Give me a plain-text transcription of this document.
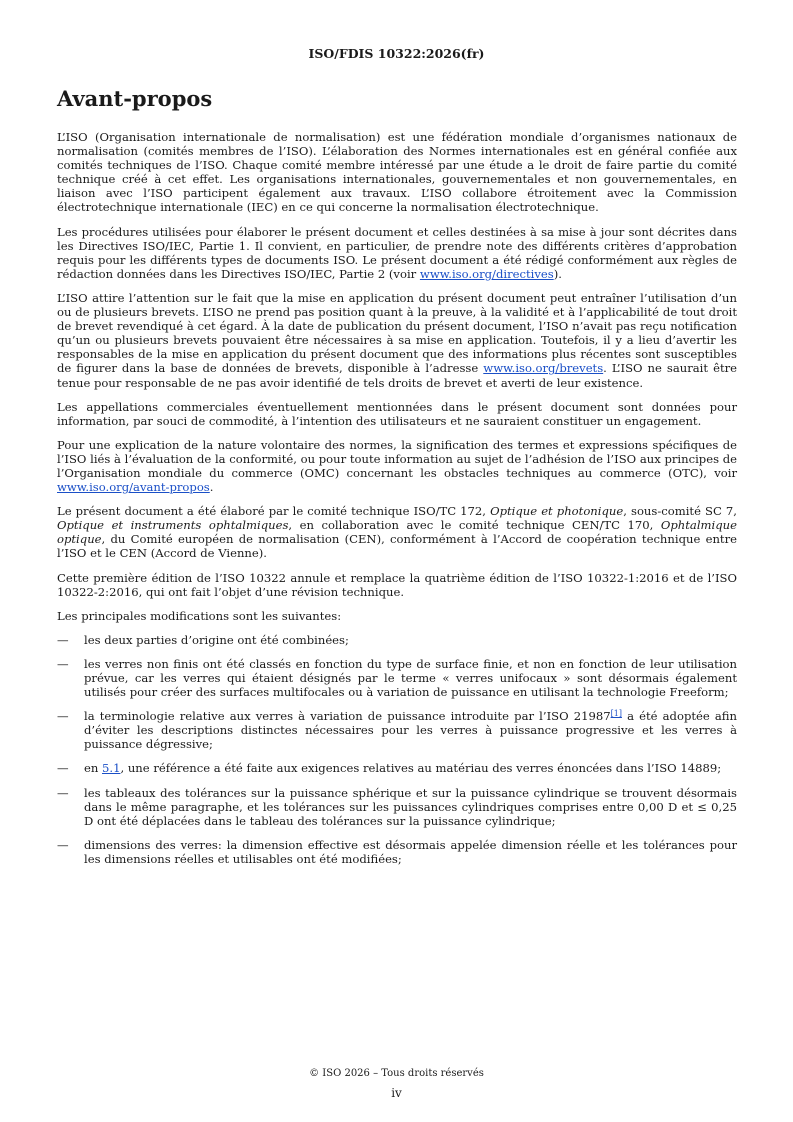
ISO/FDIS 10322:2026(fr)
Avant-propos

L’ISO (Organisation internationale de normalisation) est une fédération mondiale d’organismes nationaux de normalisation (comités membres de l’ISO). L’élaboration des Normes internationales est en général confiée aux comités techniques de l’ISO. Chaque comité membre intéressé par une étude a le droit de faire partie du comité technique créé à cet effet. Les organisations internationales, gouvernementales et non gouvernementales, en liaison avec l’ISO participent également aux travaux. L’ISO collabore étroitement avec la Commission électrotechnique internationale (IEC) en ce qui concerne la normalisation électrotechnique.

Les procédures utilisées pour élaborer le présent document et celles destinées à sa mise à jour sont décrites dans les Directives ISO/IEC, Partie 1. Il convient, en particulier, de prendre note des différents critères d’approbation requis pour les différents types de documents ISO. Le présent document a été rédigé conformément aux règles de rédaction données dans les Directives ISO/IEC, Partie 2 (voir www.iso.org/directives).

L’ISO attire l’attention sur le fait que la mise en application du présent document peut entraîner l’utilisation d’un ou de plusieurs brevets. L’ISO ne prend pas position quant à la preuve, à la validité et à l’applicabilité de tout droit de brevet revendiqué à cet égard. À la date de publication du présent document, l’ISO n’avait pas reçu notification qu’un ou plusieurs brevets pouvaient être nécessaires à sa mise en application. Toutefois, il y a lieu d’avertir les responsables de la mise en application du présent document que des informations plus récentes sont susceptibles de figurer dans la base de données de brevets, disponible à l’adresse www.iso.org/brevets. L’ISO ne saurait être tenue pour responsable de ne pas avoir identifié de tels droits de brevet et averti de leur existence.

Les appellations commerciales éventuellement mentionnées dans le présent document sont données pour information, par souci de commodité, à l’intention des utilisateurs et ne sauraient constituer un engagement.

Pour une explication de la nature volontaire des normes, la signification des termes et expressions spécifiques de l’ISO liés à l’évaluation de la conformité, ou pour toute information au sujet de l’adhésion de l’ISO aux principes de l’Organisation mondiale du commerce (OMC) concernant les obstacles techniques au commerce (OTC), voir www.iso.org/avant-propos.

Le présent document a été élaboré par le comité technique ISO/TC 172, Optique et photonique, sous-comité SC 7, Optique et instruments ophtalmiques, en collaboration avec le comité technique CEN/TC 170, Ophtalmique optique, du Comité européen de normalisation (CEN), conformément à l’Accord de coopération technique entre l’ISO et le CEN (Accord de Vienne).

Cette première édition de l’ISO 10322 annule et remplace la quatrième édition de l’ISO 10322-1:2016 et de l’ISO 10322-2:2016, qui ont fait l’objet d’une révision technique.

Les principales modifications sont les suivantes:

— les deux parties d’origine ont été combinées;
— les verres non finis ont été classés en fonction du type de surface finie, et non en fonction de leur utilisation prévue, car les verres qui étaient désignés par le terme « verres unifocaux » sont désormais également utilisés pour créer des surfaces multifocales ou à variation de puissance en utilisant la technologie Freeform;
— la terminologie relative aux verres à variation de puissance introduite par l’ISO 21987[1] a été adoptée afin d’éviter les descriptions distinctes nécessaires pour les verres à puissance progressive et les verres à puissance dégressive;
— en 5.1, une référence a été faite aux exigences relatives au matériau des verres énoncées dans l’ISO 14889;
— les tableaux des tolérances sur la puissance sphérique et sur la puissance cylindrique se trouvent désormais dans le même paragraphe, et les tolérances sur les puissances cylindriques comprises entre 0,00 D et ≤ 0,25 D ont été déplacées dans le tableau des tolérances sur la puissance cylindrique;
— dimensions des verres: la dimension effective est désormais appelée dimension réelle et les tolérances pour les dimensions réelles et utilisables ont été modifiées;
© ISO 2026 – Tous droits réservés
iv
